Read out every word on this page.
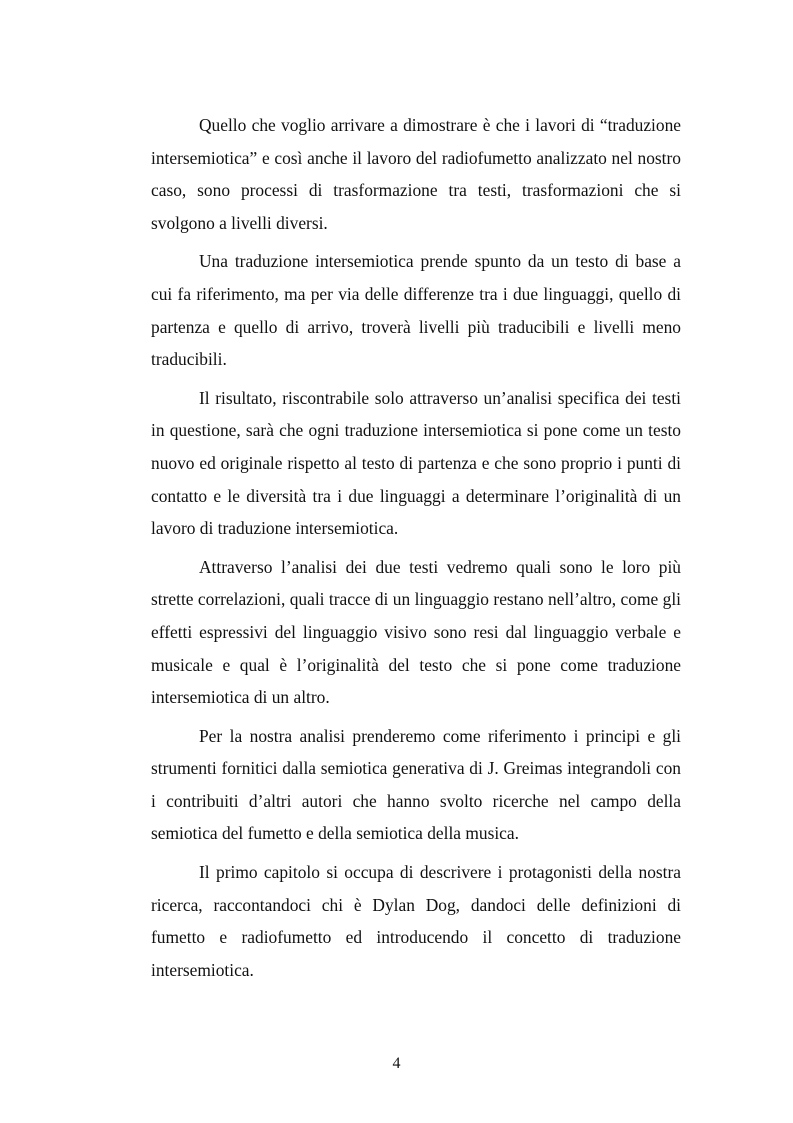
Quello che voglio arrivare a dimostrare è che i lavori di “traduzione intersemiotica” e così anche il lavoro del radiofumetto analizzato nel nostro caso, sono processi di trasformazione tra testi, trasformazioni che si svolgono a livelli diversi.

Una traduzione intersemiotica prende spunto da un testo di base a cui fa riferimento, ma per via delle differenze tra i due linguaggi, quello di partenza e quello di arrivo, troverà livelli più traducibili e livelli meno traducibili.

Il risultato, riscontrabile solo attraverso un’analisi specifica dei testi in questione, sarà che ogni traduzione intersemiotica si pone come un testo nuovo ed originale rispetto al testo di partenza e che sono proprio i punti di contatto e le diversità tra i due linguaggi a determinare l’originalità di un lavoro di traduzione intersemiotica.

Attraverso l’analisi dei due testi vedremo quali sono le loro più strette correlazioni, quali tracce di un linguaggio restano nell’altro, come gli effetti espressivi del linguaggio visivo sono resi dal linguaggio verbale e musicale e qual è l’originalità del testo che si pone come traduzione intersemiotica di un altro.

Per la nostra analisi prenderemo come riferimento i principi e gli strumenti fornitici dalla semiotica generativa di J. Greimas integrandoli con i contribuiti d’altri autori che hanno svolto ricerche nel campo della semiotica del fumetto e della semiotica della musica.

Il primo capitolo si occupa di descrivere i protagonisti della nostra ricerca, raccontandoci chi è Dylan Dog, dandoci delle definizioni di fumetto e radiofumetto ed introducendo il concetto di traduzione intersemiotica.

4
